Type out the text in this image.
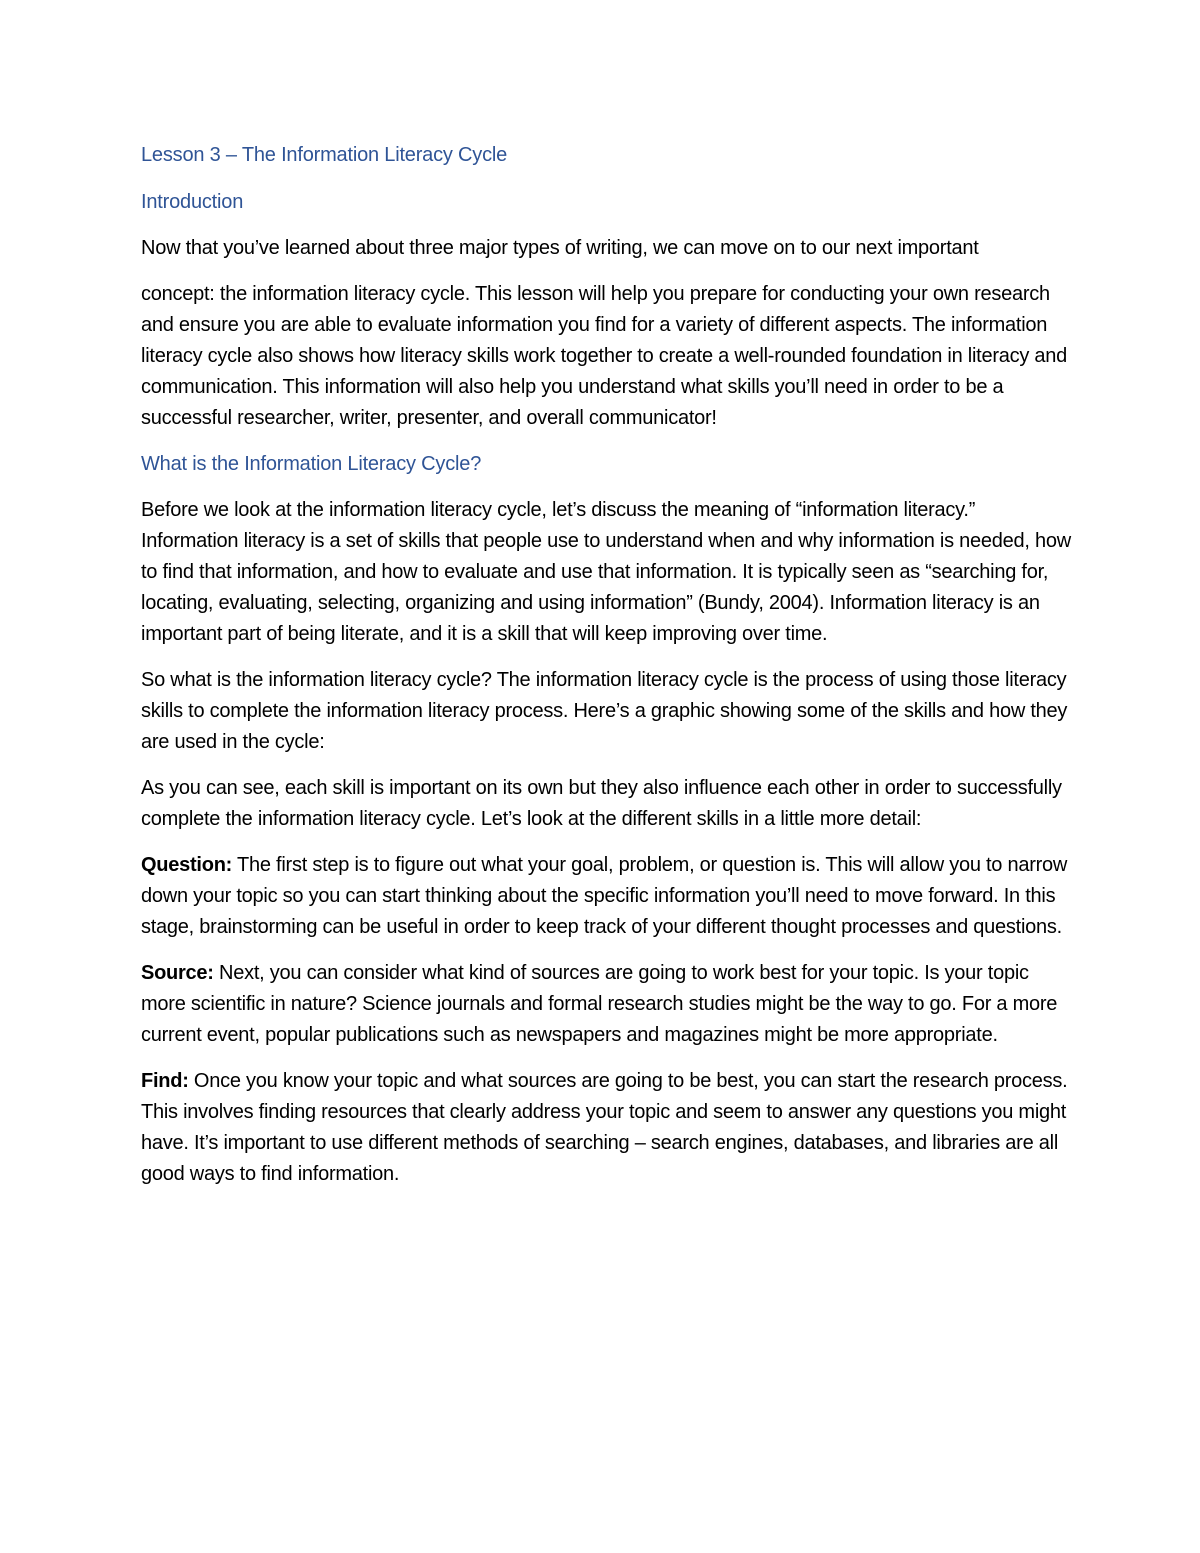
Lesson 3 – The Information Literacy Cycle
Introduction

Now that you’ve learned about three major types of writing, we can move on to our next important

concept: the information literacy cycle. This lesson will help you prepare for conducting your own research and ensure you are able to evaluate information you find for a variety of different aspects. The information literacy cycle also shows how literacy skills work together to create a well-rounded foundation in literacy and communication. This information will also help you understand what skills you’ll need in order to be a successful researcher, writer, presenter, and overall communicator!

What is the Information Literacy Cycle?

Before we look at the information literacy cycle, let’s discuss the meaning of “information literacy.” Information literacy is a set of skills that people use to understand when and why information is needed, how to find that information, and how to evaluate and use that information. It is typically seen as “searching for, locating, evaluating, selecting, organizing and using information” (Bundy, 2004). Information literacy is an important part of being literate, and it is a skill that will keep improving over time.

So what is the information literacy cycle? The information literacy cycle is the process of using those literacy skills to complete the information literacy process. Here’s a graphic showing some of the skills and how they are used in the cycle:

As you can see, each skill is important on its own but they also influence each other in order to successfully complete the information literacy cycle. Let’s look at the different skills in a little more detail:

Question: The first step is to figure out what your goal, problem, or question is. This will allow you to narrow down your topic so you can start thinking about the specific information you’ll need to move forward. In this stage, brainstorming can be useful in order to keep track of your different thought processes and questions.

Source: Next, you can consider what kind of sources are going to work best for your topic. Is your topic more scientific in nature? Science journals and formal research studies might be the way to go. For a more current event, popular publications such as newspapers and magazines might be more appropriate.

Find: Once you know your topic and what sources are going to be best, you can start the research process. This involves finding resources that clearly address your topic and seem to answer any questions you might have. It’s important to use different methods of searching – search engines, databases, and libraries are all good ways to find information.
